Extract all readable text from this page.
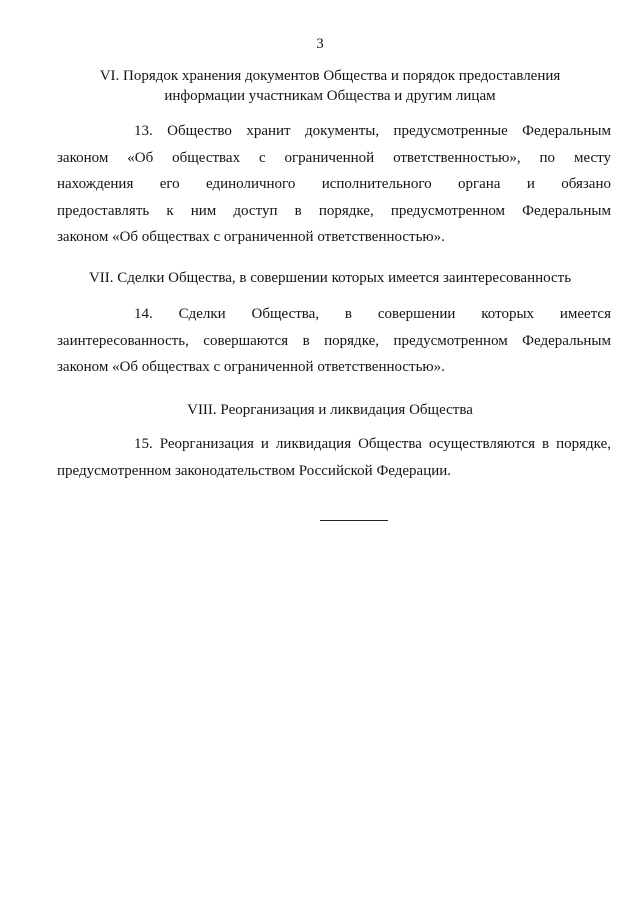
3
VI. Порядок хранения документов Общества и порядок предоставления
информации участникам Общества и другим лицам
13. Общество хранит документы, предусмотренные Федеральным
законом «Об обществах с ограниченной ответственностью», по месту
нахождения его единоличного исполнительного органа и обязано
предоставлять к ним доступ в порядке, предусмотренном Федеральным
законом «Об обществах с ограниченной ответственностью».
VII. Сделки Общества, в совершении которых имеется заинтересованность
14. Сделки Общества, в совершении которых имеется
заинтересованность, совершаются в порядке, предусмотренном Федеральным
законом «Об обществах с ограниченной ответственностью».
VIII. Реорганизация и ликвидация Общества
15. Реорганизация и ликвидация Общества осуществляются в порядке,
предусмотренном законодательством Российской Федерации.
